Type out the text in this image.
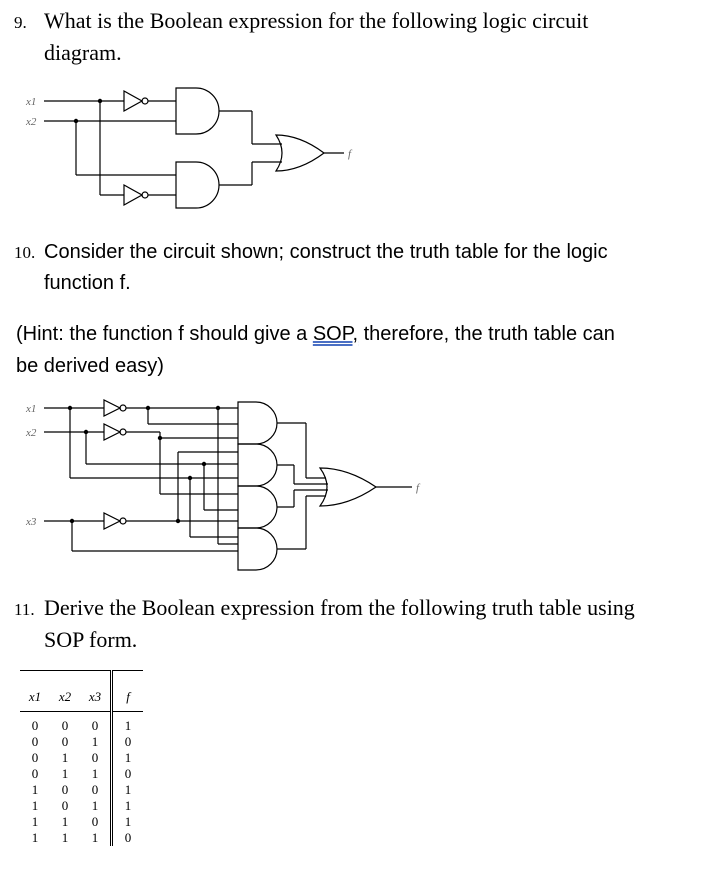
9. What is the Boolean expression for the following logic circuit
diagram.
x1
x2
f
10. Consider the circuit shown; construct the truth table for the logic
function f.
(Hint: the function f should give a SOP, therefore, the truth table can
be derived easy)
x1
x2
x3
f
11. Derive the Boolean expression from the following truth table using
SOP form.
x1	x2	x3	f
0	0	0	1
0	0	1	0
0	1	0	1
0	1	1	0
1	0	0	1
1	0	1	1
1	1	0	1
1	1	1	0
